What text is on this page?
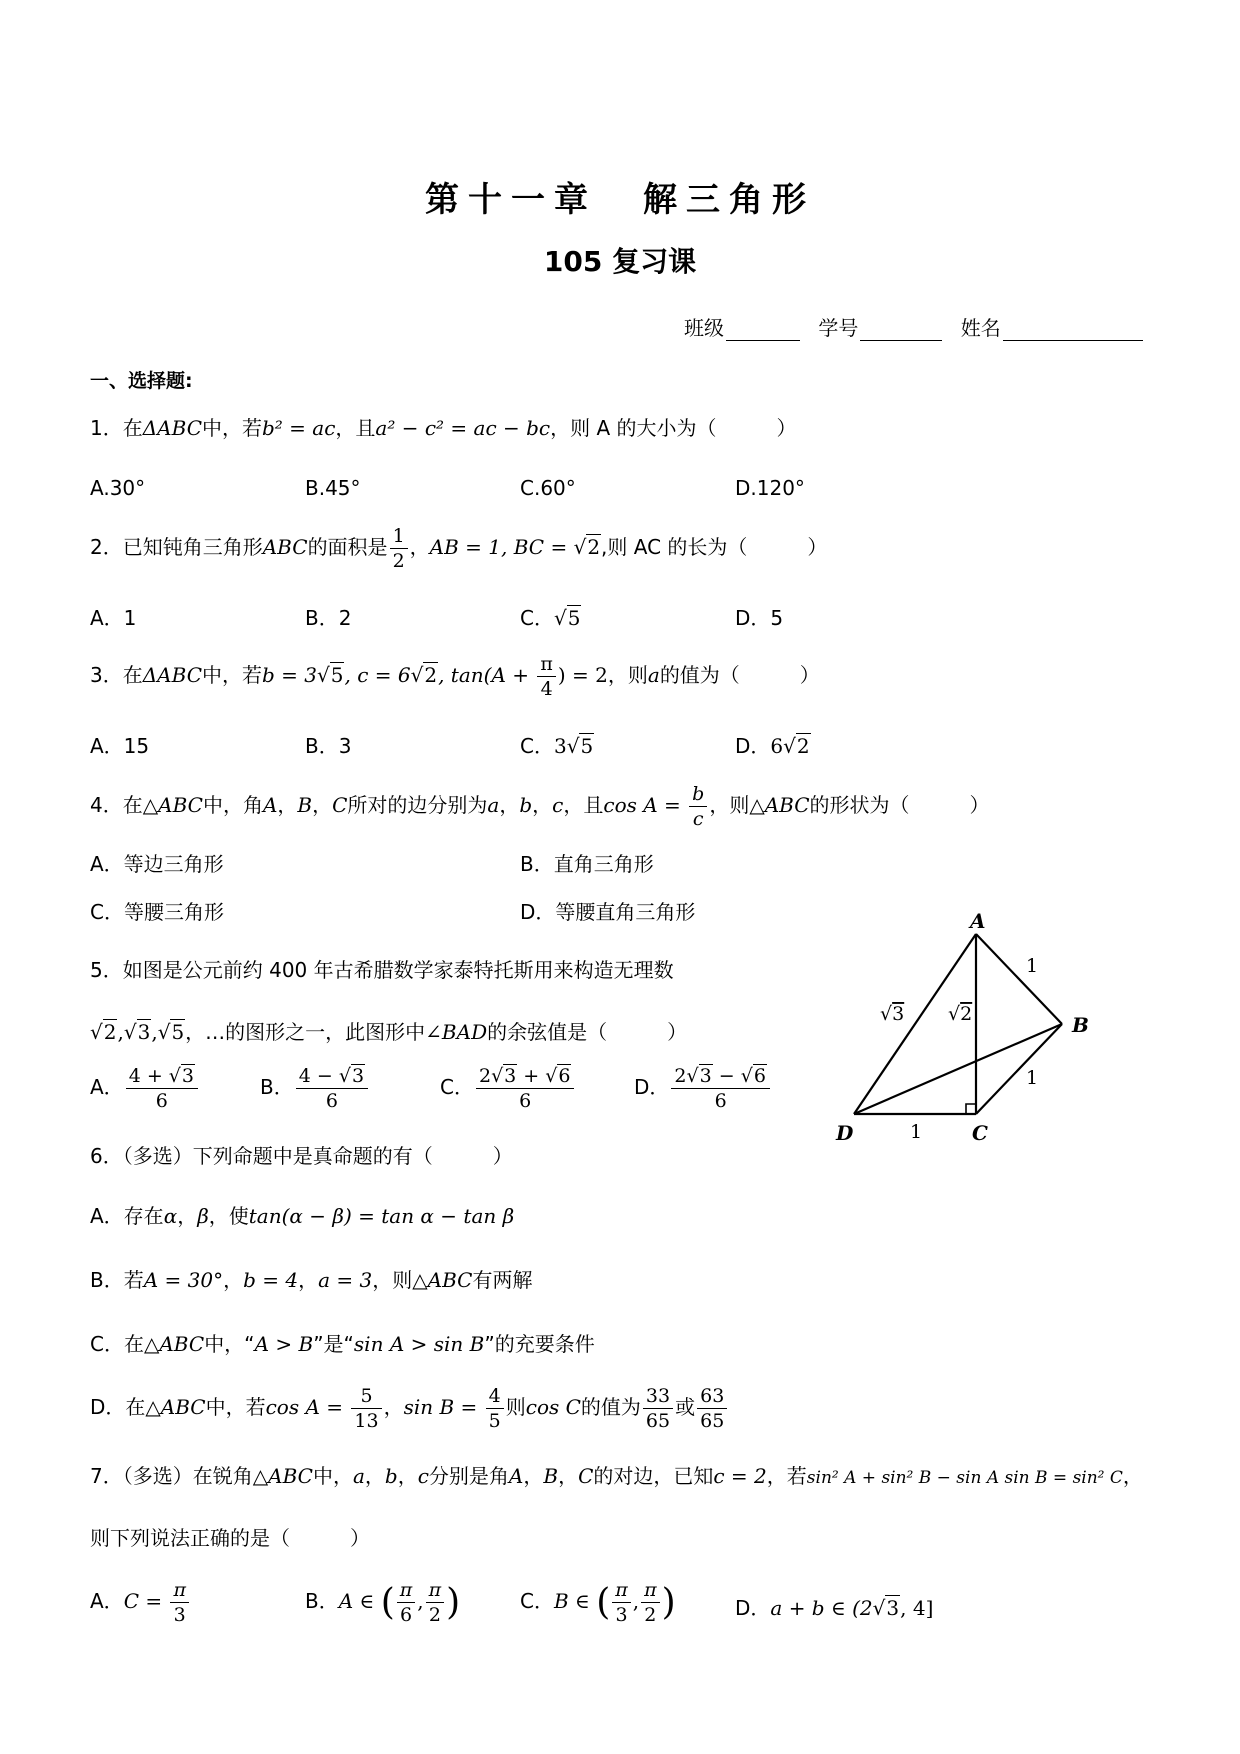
第十一章 解三角形
105 复习课
班级	学号	姓名
一、选择题:
1．在ΔABC中，若b² = ac，且a² − c² = ac − bc，则 A 的大小为（　　　）
A.30°	B.45°	C.60°	D.120°
2．已知钝角三角形ABC的面积是 $\frac{1}{2}$ ，AB = 1, BC = √2,则 AC 的长为（　　　）
A．1	B．2	C．√5	D．5
3．在ΔABC中，若b = 3√5, c = 6√2, $\tan(A + \frac{\pi}{4}$ ) = 2，则a的值为（　　　）
A．15	B．3	C．3√5	D．6√2
4．在△ABC中，角A，B，C所对的边分别为a，b，c，且$\cos A = \frac{b}{c}$ ，则△ABC的形状为（　　　）
A．等边三角形	B．直角三角形
C．等腰三角形	D．等腰直角三角形
5．如图是公元前约 400 年古希腊数学家泰特托斯用来构造无理数
√2,√3,√5，…的图形之一，此图形中∠BAD的余弦值是（　　　）
A． $\frac{4 + √3}{6}$	B． $\frac{4 - √3}{6}$	C． $\frac{2√3 + √6}{6}$	D． $\frac{2√3 - √6}{6}$
A
B
C
D
1
1
1
√3 √2
6．（多选）下列命题中是真命题的有（　　　）
A．存在α，β，使tan(α − β) = tan α − tan β
B．若A = 30°，b = 4，a = 3，则△ABC有两解
C．在△ABC中，“A > B”是“sin A > sin B”的充要条件
D．在△ABC中，若$\cos A = \frac{5}{13}$ ，$\sin B = \frac{4}{5}$ 则cos C的值为 $\frac{33}{65}$ 或 $\frac{63}{65}$
7．（多选）在锐角△ABC中，a，b，c分别是角A，B，C的对边，已知c = 2，若sin² A + sin² B − sin A sin B = sin² C，
则下列说法正确的是（　　　）
A．$C = \frac{\pi}{3}$	B．A ∈ ( $\frac{\pi}{6}$ , $\frac{\pi}{2}$ )	C．B ∈ ( $\frac{\pi}{3}$ , $\frac{\pi}{2}$ )	D．a + b ∈ (2√3, 4]
